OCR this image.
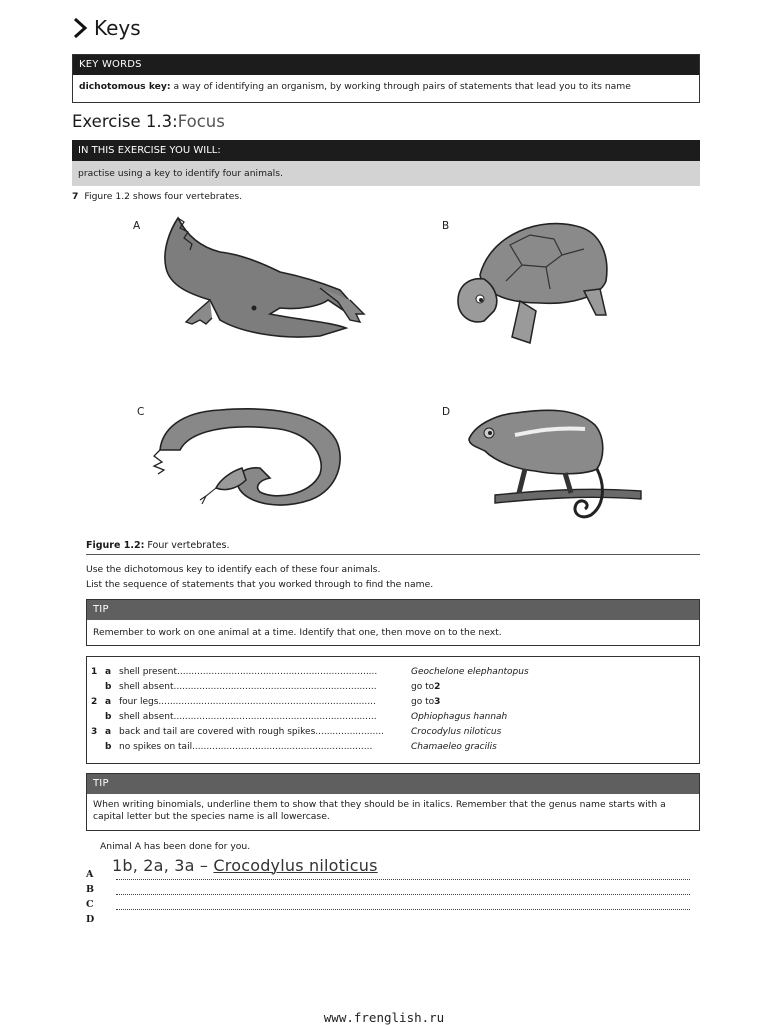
Keys
KEY WORDS
dichotomous key: a way of identifying an organism, by working through pairs of statements that lead you to its name
Exercise 1.3:Focus
IN THIS EXERCISE YOU WILL:
practise using a key to identify four animals.
7 Figure 1.2 shows four vertebrates.
A	B
C	D
Figure 1.2: Four vertebrates.
Use the dichotomous key to identify each of these four animals.
List the sequence of statements that you worked through to find the name.
TIP
Remember to work on one animal at a time. Identify that one, then move on to the next.
1 a shell present......................................................................	Geochelone elephantopus
b shell absent.......................................................................	go to 2
2 a four legs............................................................................	go to 3
b shell absent.......................................................................	Ophiophagus hannah
3 a back and tail are covered with rough spikes........................	Crocodylus niloticus
b no spikes on tail...............................................................	Chamaeleo gracilis
TIP
When writing binomials, underline them to show that they should be in italics. Remember that the genus name starts with a capital letter but the species name is all lowercase.
Animal A has been done for you.
1b, 2a, 3a – Crocodylus niloticus
A
B
C
D
www.frenglish.ru
